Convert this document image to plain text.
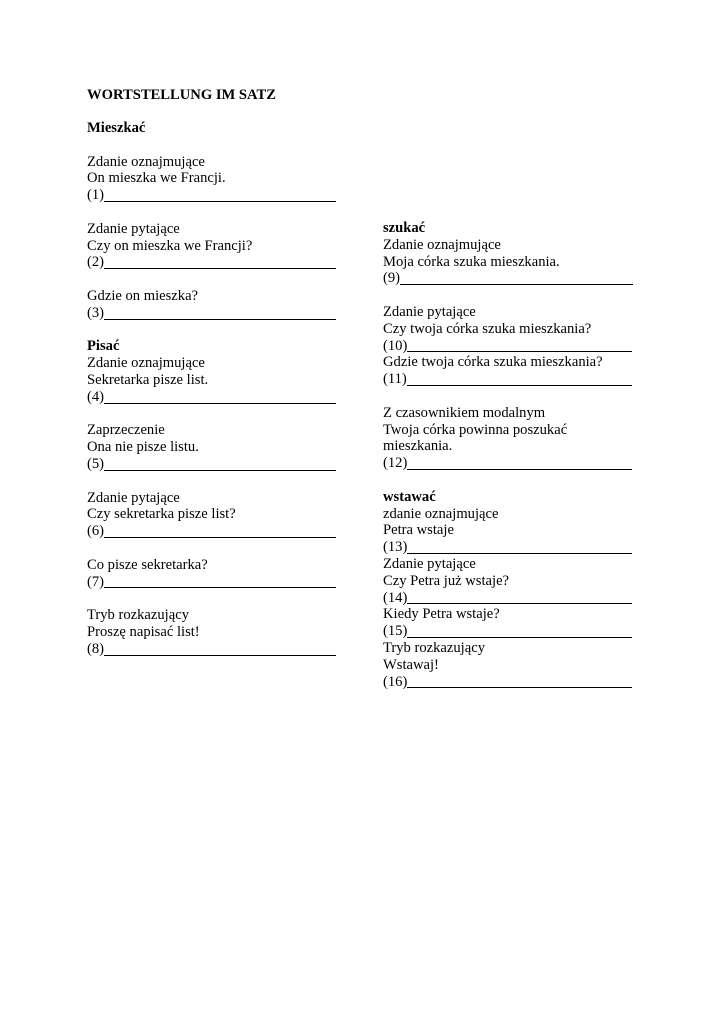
WORTSTELLUNG IM SATZ
Mieszkać
Zdanie oznajmujące
On mieszka we Francji.
(1)
Zdanie pytające
Czy on mieszka we Francji?
(2)
Gdzie on mieszka?
(3)
Pisać
Zdanie oznajmujące
Sekretarka pisze list.
(4)
Zaprzeczenie
Ona nie pisze listu.
(5)
Zdanie pytające
Czy sekretarka pisze list?
(6)
Co pisze sekretarka?
(7)
Tryb rozkazujący
Proszę napisać list!
(8)
szukać
Zdanie oznajmujące
Moja córka szuka mieszkania.
(9)
Zdanie pytające
Czy twoja córka szuka mieszkania?
(10)
Gdzie twoja córka szuka mieszkania?
(11)
Z czasownikiem modalnym
Twoja córka powinna poszukać
mieszkania.
(12)
wstawać
zdanie oznajmujące
Petra wstaje
(13)
Zdanie pytające
Czy Petra już wstaje?
(14)
Kiedy Petra wstaje?
(15)
Tryb rozkazujący
Wstawaj!
(16)
